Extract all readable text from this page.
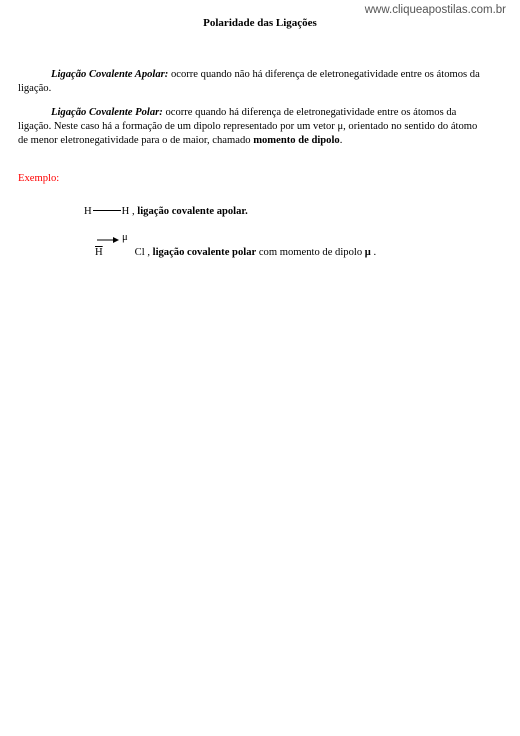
www.cliqueapostilas.com.br
Polaridade das Ligações

Ligação Covalente Apolar: ocorre quando não há diferença de eletronegatividade entre os átomos da ligação.

Ligação Covalente Polar: ocorre quando há diferença de eletronegatividade entre os átomos da ligação. Neste caso há a formação de um dipolo representado por um vetor μ, orientado no sentido do átomo de menor eletronegatividade para o de maior, chamado momento de dipolo.

Exemplo:
H	H , ligação covalente apolar.
μ
$\overline{H}$	Cl , ligação covalente polar com momento de dipolo μ .
